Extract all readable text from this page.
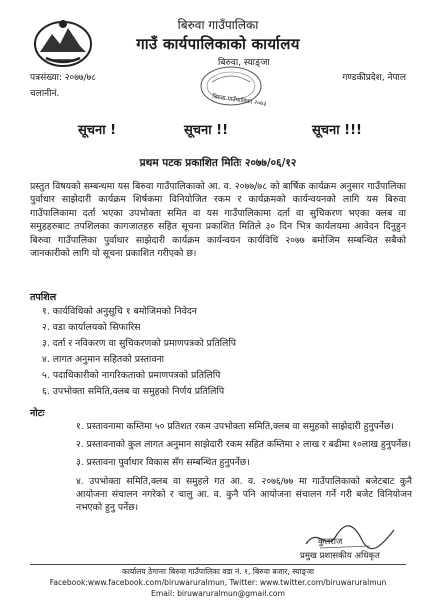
बिरुवा गाउँपालिका
गाउँ कार्यपालिकाको कार्यालय
बिरुवा, स्याङ्जा
पत्रसंख्या: २०७७/७८
चलानीनं.
गण्डकीप्रदेश, नेपाल
बिरुवा गाउँपालिका २०७३
सूचना !	सूचना !!	सूचना !!!
प्रथम पटक प्रकाशित मितिः २०७७/०६/१२
प्रस्तुत विषयको सम्बन्धमा यस बिरुवा गाउँपालिकाको आ. व. २०७७/७८ को बार्षिक कार्यक्रम अनुसार गाउँपालिका पुर्वाधार साझेदारी कार्यक्रम शिर्षकमा विनियोजित रकम र कार्यक्रमको कार्यन्वयनको लागि यस बिरुवा गाउँपालिकामा दर्ता भएका उपभोक्ता समित वा यस गाउँपालिकामा दर्ता वा सुचिकरण भएका क्लब वा समुहहरुबाट तपशिलका कागजातहरु सहित सूचना प्रकाशित मितिले ३० दिन भित्र कार्यलयमा आवेदन दिनुहुन बिरुवा गाउँपालिका पुर्वाधार साझेदारी कार्यक्रम कार्यन्वयन कार्यविधि २०७७ बमोजिम सम्बन्धित सबैको जानकारीको लागि यो सूचना प्रकाशित गरीएको छ।
तपशिल
१. कार्यविधिको अनुसुचि १ बमोजिमको निवेदन
२. वडा कार्यालयको सिफारिस
३. दर्ता र नविकरण वा सुचिकरणको प्रमाणपत्रको प्रतिलिपि
४. लागत अनुमान सहितको प्रस्तावना
५. पदाधिकारीको नागरिकताको प्रमाणपत्रको प्रतिलिपि
६. उपभोक्ता समिति,क्लब वा समुहको निर्णय प्रतिलिपि
नोटः
१. प्रस्तावनामा कम्तिमा ५० प्रतिशत रकम उपभोक्ता समिति,क्लब वा समुहको साझेदारी हुनुपर्नेछ।
२. प्रस्तावनाको कुल लागत अनुमान साझेदारी रकम सहित कम्तिमा २ लाख र बढीमा १०लाख हुनुपर्नेछ।
३. प्रस्तावना पुर्वाधार विकास सँग सम्बन्धित हुनुपर्नेछ।
४. उपभोक्ता समिति,क्लब वा समुहले गत आ. व. २०७६/७७ मा गाउँपालिकाको बजेटबाट कुनै आयोजना संचालन नगरेको र चालु आ. व. कुनै पनि आयोजना संचालन गर्ने गरी बजेट विनियोजन नभएको हुनु पर्नेछ।
कुलराज
प्रमुख प्रशासकीय अधिकृत
कार्यालय ठेगानाः बिरुवा गाउँपालिका वडा नं. १, बिरुवा बजार, स्याङ्जा
Facebook:www.facebook.com/biruwaruralmun, Twitter: www.twitter.com/biruwaruralmun
Email: biruwaruralmun@gmail.com
